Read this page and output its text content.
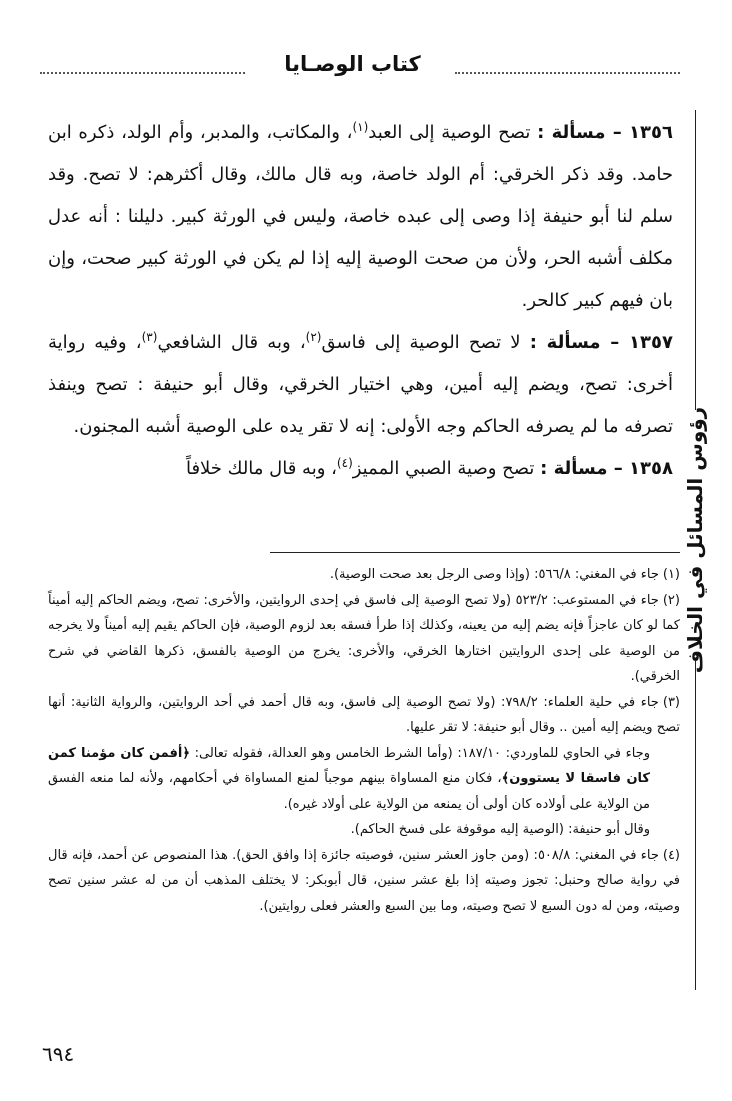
كتاب الوصـايا
رؤوس المسائل في الخلاف

١٣٥٦ – مسألة : تصح الوصية إلى العبد$^{(١)}$، والمكاتب، والمدبر، وأم الولد، ذكره ابن حامد. وقد ذكر الخرقي: أم الولد خاصة، وبه قال مالك، وقال أكثرهم: لا تصح. وقد سلم لنا أبو حنيفة إذا وصى إلى عبده خاصة، وليس في الورثة كبير. دليلنا : أنه عدل مكلف أشبه الحر، ولأن من صحت الوصية إليه إذا لم يكن في الورثة كبير صحت، وإن بان فيهم كبير كالحر.

١٣٥٧ – مسألة : لا تصح الوصية إلى فاسق$^{(٢)}$، وبه قال الشافعي$^{(٣)}$، وفيه رواية أخرى: تصح، ويضم إليه أمين، وهي اختيار الخرقي، وقال أبو حنيفة : تصح وينفذ تصرفه ما لم يصرفه الحاكم وجه الأولى: إنه لا تقر يده على الوصية أشبه المجنون.

١٣٥٨ – مسألة : تصح وصية الصبي المميز$^{(٤)}$، وبه قال مالك خلافاً

(١)جاء في المغني: ٥٦٦/٨: (وإذا وصى الرجل بعد صحت الوصية).

(٢)جاء في المستوعب: ٥٢٣/٢ (ولا تصح الوصية إلى فاسق في إحدى الروايتين، والأخرى: تصح، ويضم الحاكم إليه أميناً كما لو كان عاجزاً فإنه يضم إليه من يعينه، وكذلك إذا طرأ فسقه بعد لزوم الوصية، فإن الحاكم يقيم إليه أميناً ولا يخرجه من الوصية على إحدى الروايتين اختارها الخرقي، والأخرى: يخرج من الوصية بالفسق، ذكرها القاضي في شرح الخرقي).

(٣)جاء في حلية العلماء: ٧٩٨/٢: (ولا تصح الوصية إلى فاسق، وبه قال أحمد في أحد الروايتين، والرواية الثانية: أنها تصح ويضم إليه أمين .. وقال أبو حنيفة: لا تقر عليها.

وجاء في الحاوي للماوردي: ١٨٧/١٠: (وأما الشرط الخامس وهو العدالة، فقوله تعالى: ﴿أفمن كان مؤمنا كمن كان فاسقا لا يستوون﴾، فكان منع المساواة بينهم موجباً لمنع المساواة في أحكامهم، ولأنه لما منعه الفسق من الولاية على أولاده كان أولى أن يمنعه من الولاية على أولاد غيره).

وقال أبو حنيفة: (الوصية إليه موقوفة على فسخ الحاكم).

(٤)جاء في المغني: ٥٠٨/٨: (ومن جاوز العشر سنين، فوصيته جائزة إذا وافق الحق). هذا المنصوص عن أحمد، فإنه قال في رواية صالح وحنبل: تجوز وصيته إذا بلغ عشر سنين، قال أبوبكر: لا يختلف المذهب أن من له عشر سنين تصح وصيته، ومن له دون السبع لا تصح وصيته، وما بين السبع والعشر فعلى روايتين).

٦٩٤
